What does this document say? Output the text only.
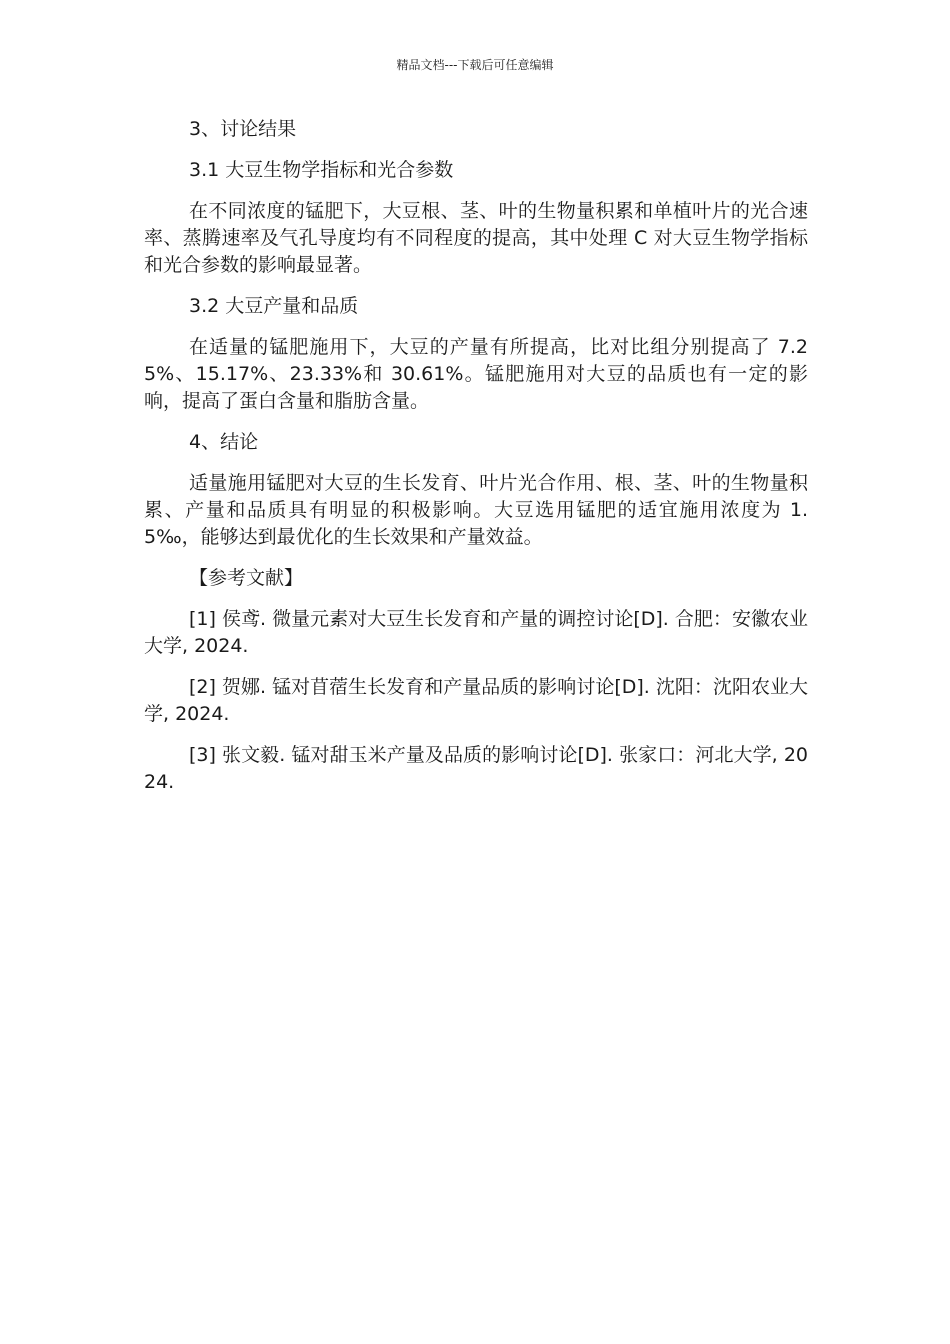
精品文档---下载后可任意编辑

3、讨论结果

3.1 大豆生物学指标和光合参数

在不同浓度的锰肥下，大豆根、茎、叶的生物量积累和单植叶片的光合速率、蒸腾速率及气孔导度均有不同程度的提高，其中处理 C 对大豆生物学指标和光合参数的影响最显著。

3.2 大豆产量和品质

在适量的锰肥施用下，大豆的产量有所提高，比对比组分别提高了 7.25%、15.17%、23.33%和 30.61%。锰肥施用对大豆的品质也有一定的影响，提高了蛋白含量和脂肪含量。

4、结论

适量施用锰肥对大豆的生长发育、叶片光合作用、根、茎、叶的生物量积累、产量和品质具有明显的积极影响。大豆选用锰肥的适宜施用浓度为 1.5‰，能够达到最优化的生长效果和产量效益。

【参考文献】

[1] 侯鸢. 微量元素对大豆生长发育和产量的调控讨论[D]. 合肥：安徽农业大学, 2024.

[2] 贺娜. 锰对苜蓿生长发育和产量品质的影响讨论[D]. 沈阳：沈阳农业大学, 2024.

[3] 张文毅. 锰对甜玉米产量及品质的影响讨论[D]. 张家口：河北大学, 2024.
